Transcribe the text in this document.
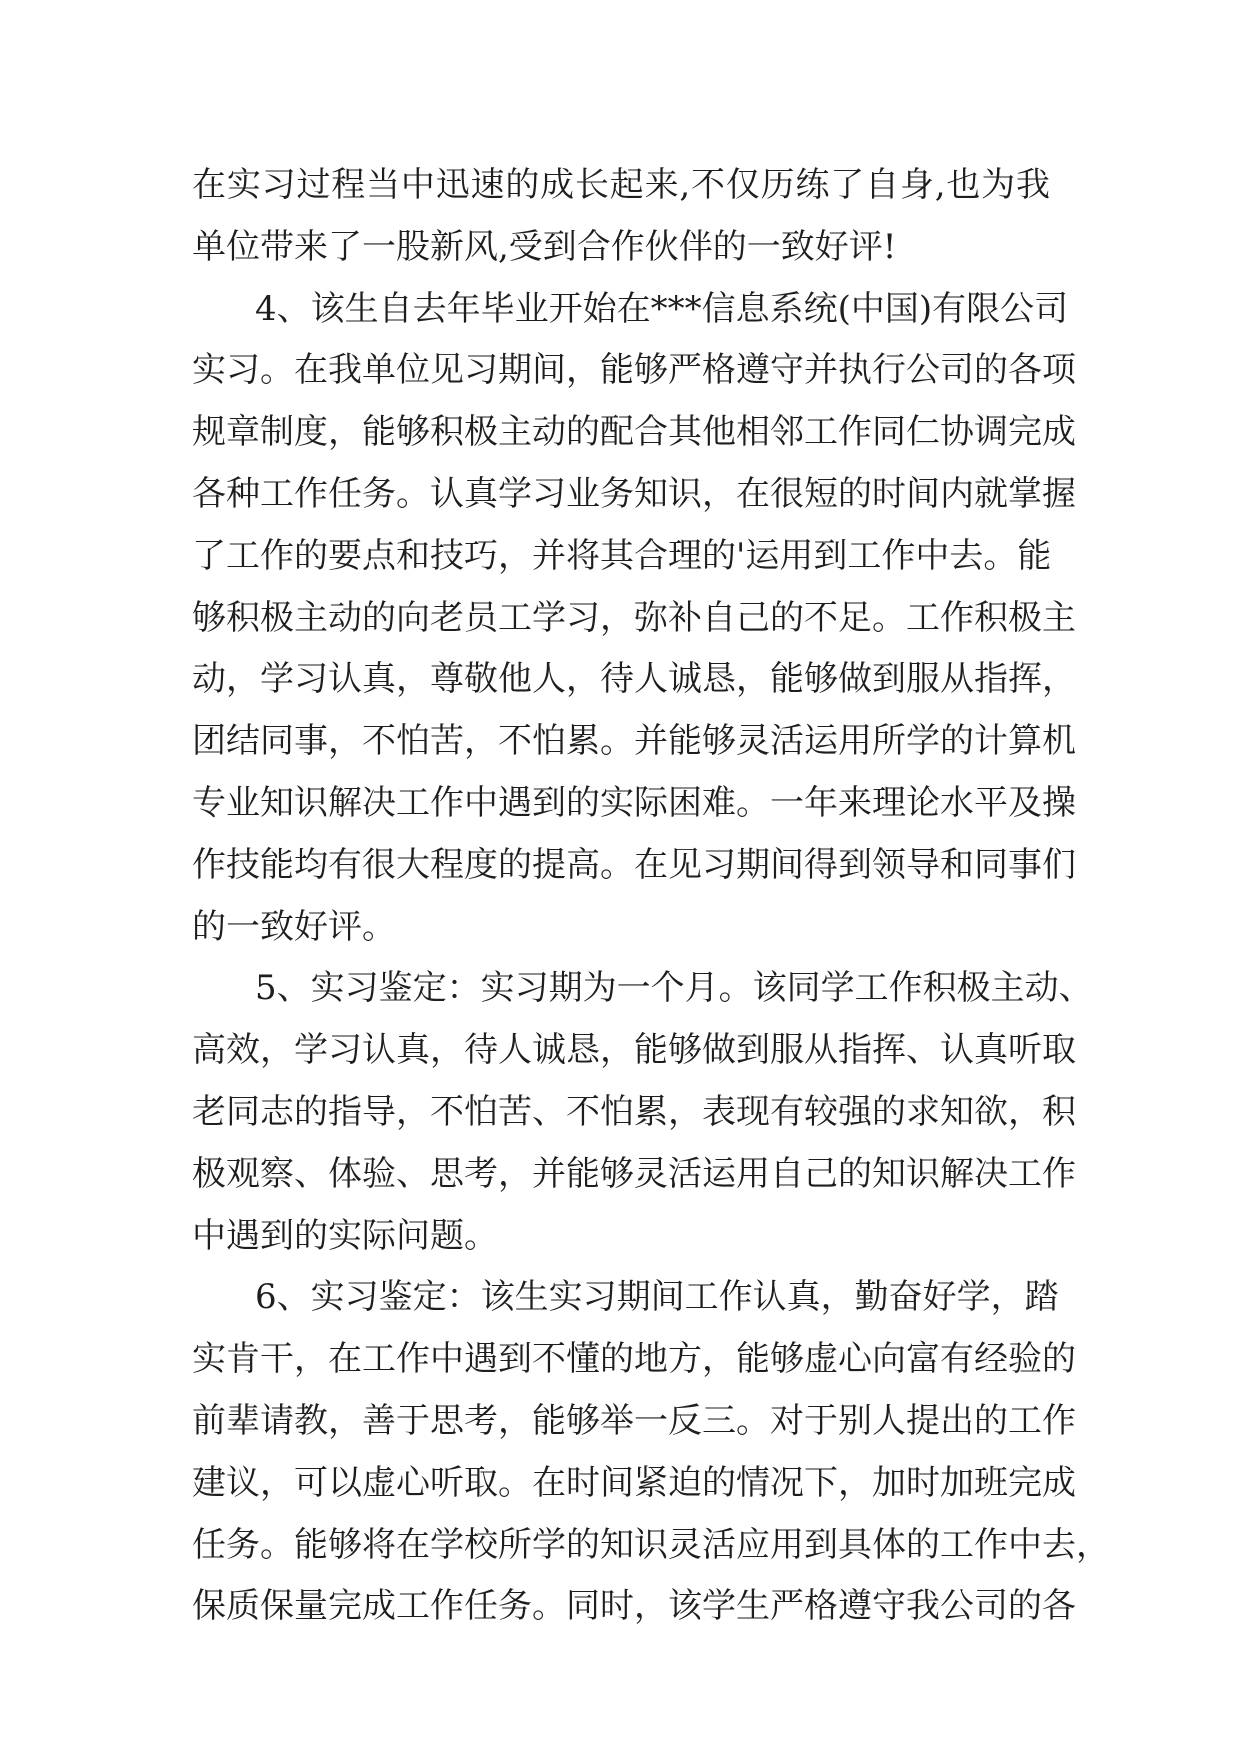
在实习过程当中迅速的成长起来,不仅历练了自身,也为我
单位带来了一股新风,受到合作伙伴的一致好评!
4、该生自去年毕业开始在***信息系统(中国)有限公司
实习。在我单位见习期间，能够严格遵守并执行公司的各项
规章制度，能够积极主动的配合其他相邻工作同仁协调完成
各种工作任务。认真学习业务知识，在很短的时间内就掌握
了工作的要点和技巧，并将其合理的'运用到工作中去。能
够积极主动的向老员工学习，弥补自己的不足。工作积极主
动，学习认真，尊敬他人，待人诚恳，能够做到服从指挥，
团结同事，不怕苦，不怕累。并能够灵活运用所学的计算机
专业知识解决工作中遇到的实际困难。一年来理论水平及操
作技能均有很大程度的提高。在见习期间得到领导和同事们
的一致好评。
5、实习鉴定：实习期为一个月。该同学工作积极主动、
高效，学习认真，待人诚恳，能够做到服从指挥、认真听取
老同志的指导，不怕苦、不怕累，表现有较强的求知欲，积
极观察、体验、思考，并能够灵活运用自己的知识解决工作
中遇到的实际问题。
6、实习鉴定：该生实习期间工作认真，勤奋好学，踏
实肯干，在工作中遇到不懂的地方，能够虚心向富有经验的
前辈请教，善于思考，能够举一反三。对于别人提出的工作
建议，可以虚心听取。在时间紧迫的情况下，加时加班完成
任务。能够将在学校所学的知识灵活应用到具体的工作中去，
保质保量完成工作任务。同时，该学生严格遵守我公司的各
